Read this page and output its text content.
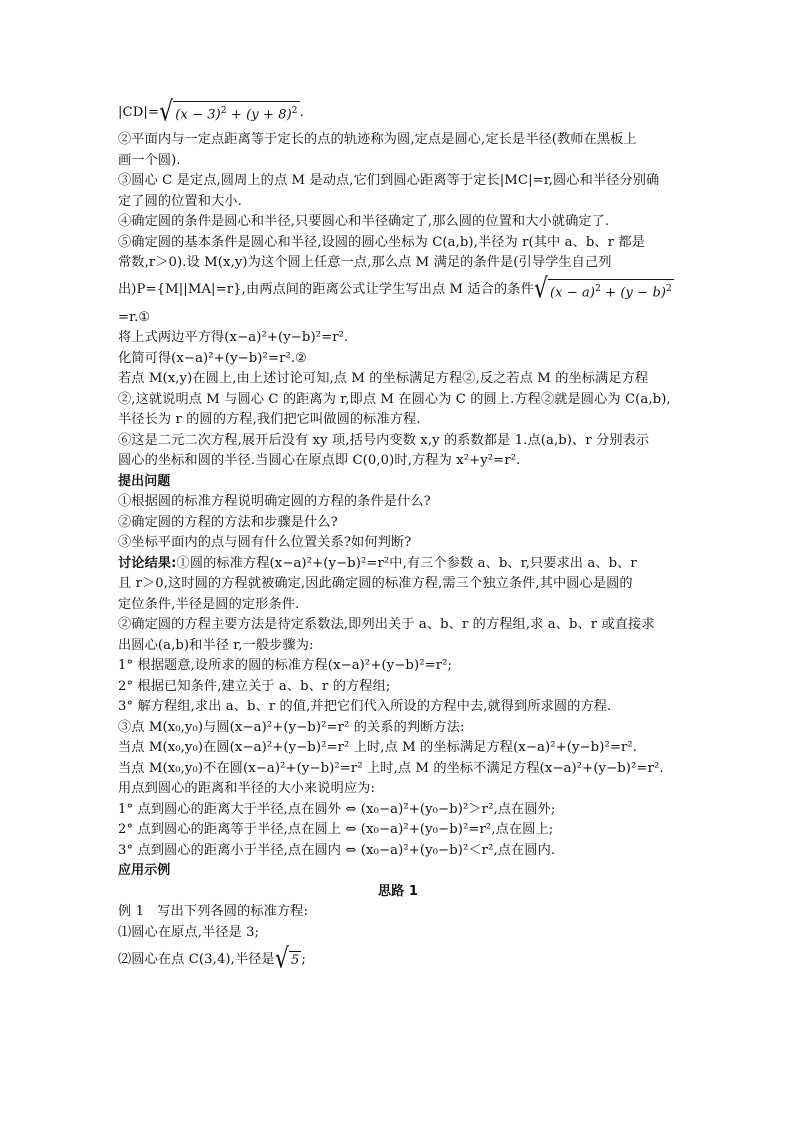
|CD|= √ $(x - 3)^2 + (y + 8)^2$ .
②平面内与一定点距离等于定长的点的轨迹称为圆,定点是圆心,定长是半径(教师在黑板上
画一个圆).
③圆心 C 是定点,圆周上的点 M 是动点,它们到圆心距离等于定长|MC|=r,圆心和半径分别确
定了圆的位置和大小.
④确定圆的条件是圆心和半径,只要圆心和半径确定了,那么圆的位置和大小就确定了.
⑤确定圆的基本条件是圆心和半径,设圆的圆心坐标为 C(a,b),半径为 r(其中 a、b、r 都是
常数,r＞0).设 M(x,y)为这个圆上任意一点,那么点 M 满足的条件是(引导学生自己列
出)P={M||MA|=r},由两点间的距离公式让学生写出点 M 适合的条件 √ $(x - a)^2 + (y - b)^2$
=r.①
将上式两边平方得(x−a)²+(y−b)²=r².
化简可得(x−a)²+(y−b)²=r².②
若点 M(x,y)在圆上,由上述讨论可知,点 M 的坐标满足方程②,反之若点 M 的坐标满足方程
②,这就说明点 M 与圆心 C 的距离为 r,即点 M 在圆心为 C 的圆上.方程②就是圆心为 C(a,b),
半径长为 r 的圆的方程,我们把它叫做圆的标准方程.
⑥这是二元二次方程,展开后没有 xy 项,括号内变数 x,y 的系数都是 1.点(a,b)、r 分别表示
圆心的坐标和圆的半径.当圆心在原点即 C(0,0)时,方程为 x²+y²=r².
提出问题
①根据圆的标准方程说明确定圆的方程的条件是什么?
②确定圆的方程的方法和步骤是什么?
③坐标平面内的点与圆有什么位置关系?如何判断?
讨论结果:①圆的标准方程(x−a)²+(y−b)²=r²中,有三个参数 a、b、r,只要求出 a、b、r
且 r＞0,这时圆的方程就被确定,因此确定圆的标准方程,需三个独立条件,其中圆心是圆的
定位条件,半径是圆的定形条件.
②确定圆的方程主要方法是待定系数法,即列出关于 a、b、r 的方程组,求 a、b、r 或直接求
出圆心(a,b)和半径 r,一般步骤为:
1° 根据题意,设所求的圆的标准方程(x−a)²+(y−b)²=r²;
2° 根据已知条件,建立关于 a、b、r 的方程组;
3° 解方程组,求出 a、b、r 的值,并把它们代入所设的方程中去,就得到所求圆的方程.
③点 M(x₀,y₀)与圆(x−a)²+(y−b)²=r² 的关系的判断方法:
当点 M(x₀,y₀)在圆(x−a)²+(y−b)²=r² 上时,点 M 的坐标满足方程(x−a)²+(y−b)²=r².
当点 M(x₀,y₀)不在圆(x−a)²+(y−b)²=r² 上时,点 M 的坐标不满足方程(x−a)²+(y−b)²=r².
用点到圆心的距离和半径的大小来说明应为:
1° 点到圆心的距离大于半径,点在圆外 ⇔ (x₀−a)²+(y₀−b)²＞r²,点在圆外;
2° 点到圆心的距离等于半径,点在圆上 ⇔ (x₀−a)²+(y₀−b)²=r²,点在圆上;
3° 点到圆心的距离小于半径,点在圆内 ⇔ (x₀−a)²+(y₀−b)²＜r²,点在圆内.
应用示例
思路 1
例 1　写出下列各圆的标准方程:
⑴圆心在原点,半径是 3;
⑵圆心在点 C(3,4),半径是 √ 5 ;
